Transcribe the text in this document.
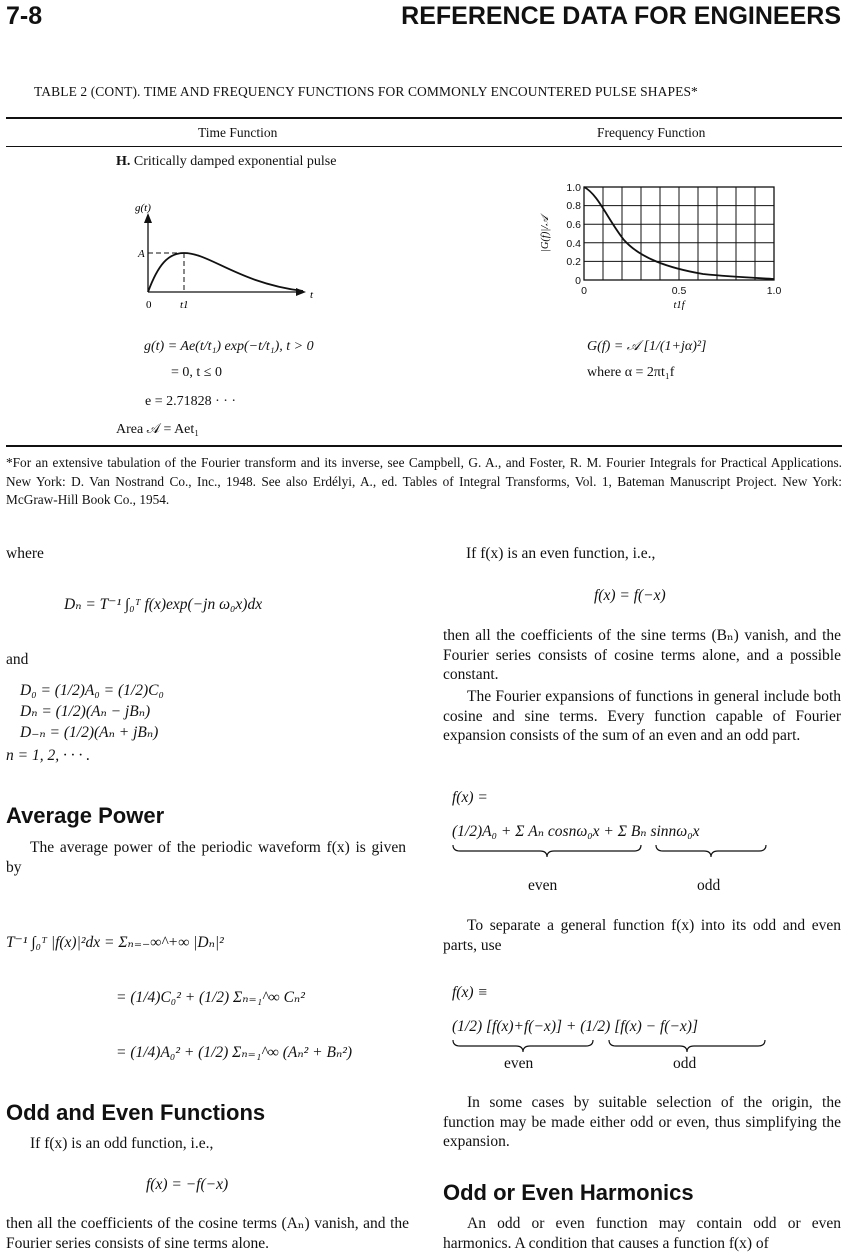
7-8	REFERENCE DATA FOR ENGINEERS
TABLE 2 (CONT). TIME AND FREQUENCY FUNCTIONS FOR COMMONLY ENCOUNTERED PULSE SHAPES*
Time Function	Frequency Function
H. Critically damped exponential pulse
g(t)
A
0	t1
t
1.0
0.8
0.6
0.4
0.2
0
|G(f)|/𝒜
0	0.5	1.0
t1f
g(t) = Ae(t/t₁) exp(−t/t₁), t > 0
= 0, t ≤ 0
e = 2.71828 · · ·
Area 𝒜 = Aet₁
G(f) = 𝒜 [1/(1+jα)²]
where α = 2πt₁f
*For an extensive tabulation of the Fourier transform and its inverse, see Campbell, G. A., and Foster, R. M. Fourier Integrals for Practical Applications. New York: D. Van Nostrand Co., Inc., 1948. See also Erdélyi, A., ed. Tables of Integral Transforms, Vol. 1, Bateman Manuscript Project. New York: McGraw-Hill Book Co., 1954.
where
Dₙ = T⁻¹ ∫₀ᵀ f(x)exp(−jn ω₀x)dx
and
D₀ = (1/2)A₀ = (1/2)C₀
Dₙ = (1/2)(Aₙ − jBₙ)
D₋ₙ = (1/2)(Aₙ + jBₙ)
n = 1, 2, · · · .
Average Power
The average power of the periodic waveform f(x) is given by
T⁻¹ ∫₀ᵀ |f(x)|²dx = Σₙ₌₋∞^+∞ |Dₙ|²
= (1/4)C₀² + (1/2) Σₙ₌₁^∞ Cₙ²
= (1/4)A₀² + (1/2) Σₙ₌₁^∞ (Aₙ² + Bₙ²)
Odd and Even Functions
If f(x) is an odd function, i.e.,
f(x) = −f(−x)
then all the coefficients of the cosine terms (Aₙ) vanish, and the Fourier series consists of sine terms alone.
If f(x) is an even function, i.e.,
f(x) = f(−x)
then all the coefficients of the sine terms (Bₙ) vanish, and the Fourier series consists of cosine terms alone, and a possible constant.
The Fourier expansions of functions in general include both cosine and sine terms. Every function capable of Fourier expansion consists of the sum of an even and an odd part.
f(x) =
(1/2)A₀ + Σ Aₙ cosnω₀x + Σ Bₙ sinnω₀x
even	odd
To separate a general function f(x) into its odd and even parts, use
f(x) ≡
(1/2) [f(x)+f(−x)] + (1/2) [f(x) − f(−x)]
even	odd
In some cases by suitable selection of the origin, the function may be made either odd or even, thus simplifying the expansion.
Odd or Even Harmonics
An odd or even function may contain odd or even harmonics. A condition that causes a function f(x) of
